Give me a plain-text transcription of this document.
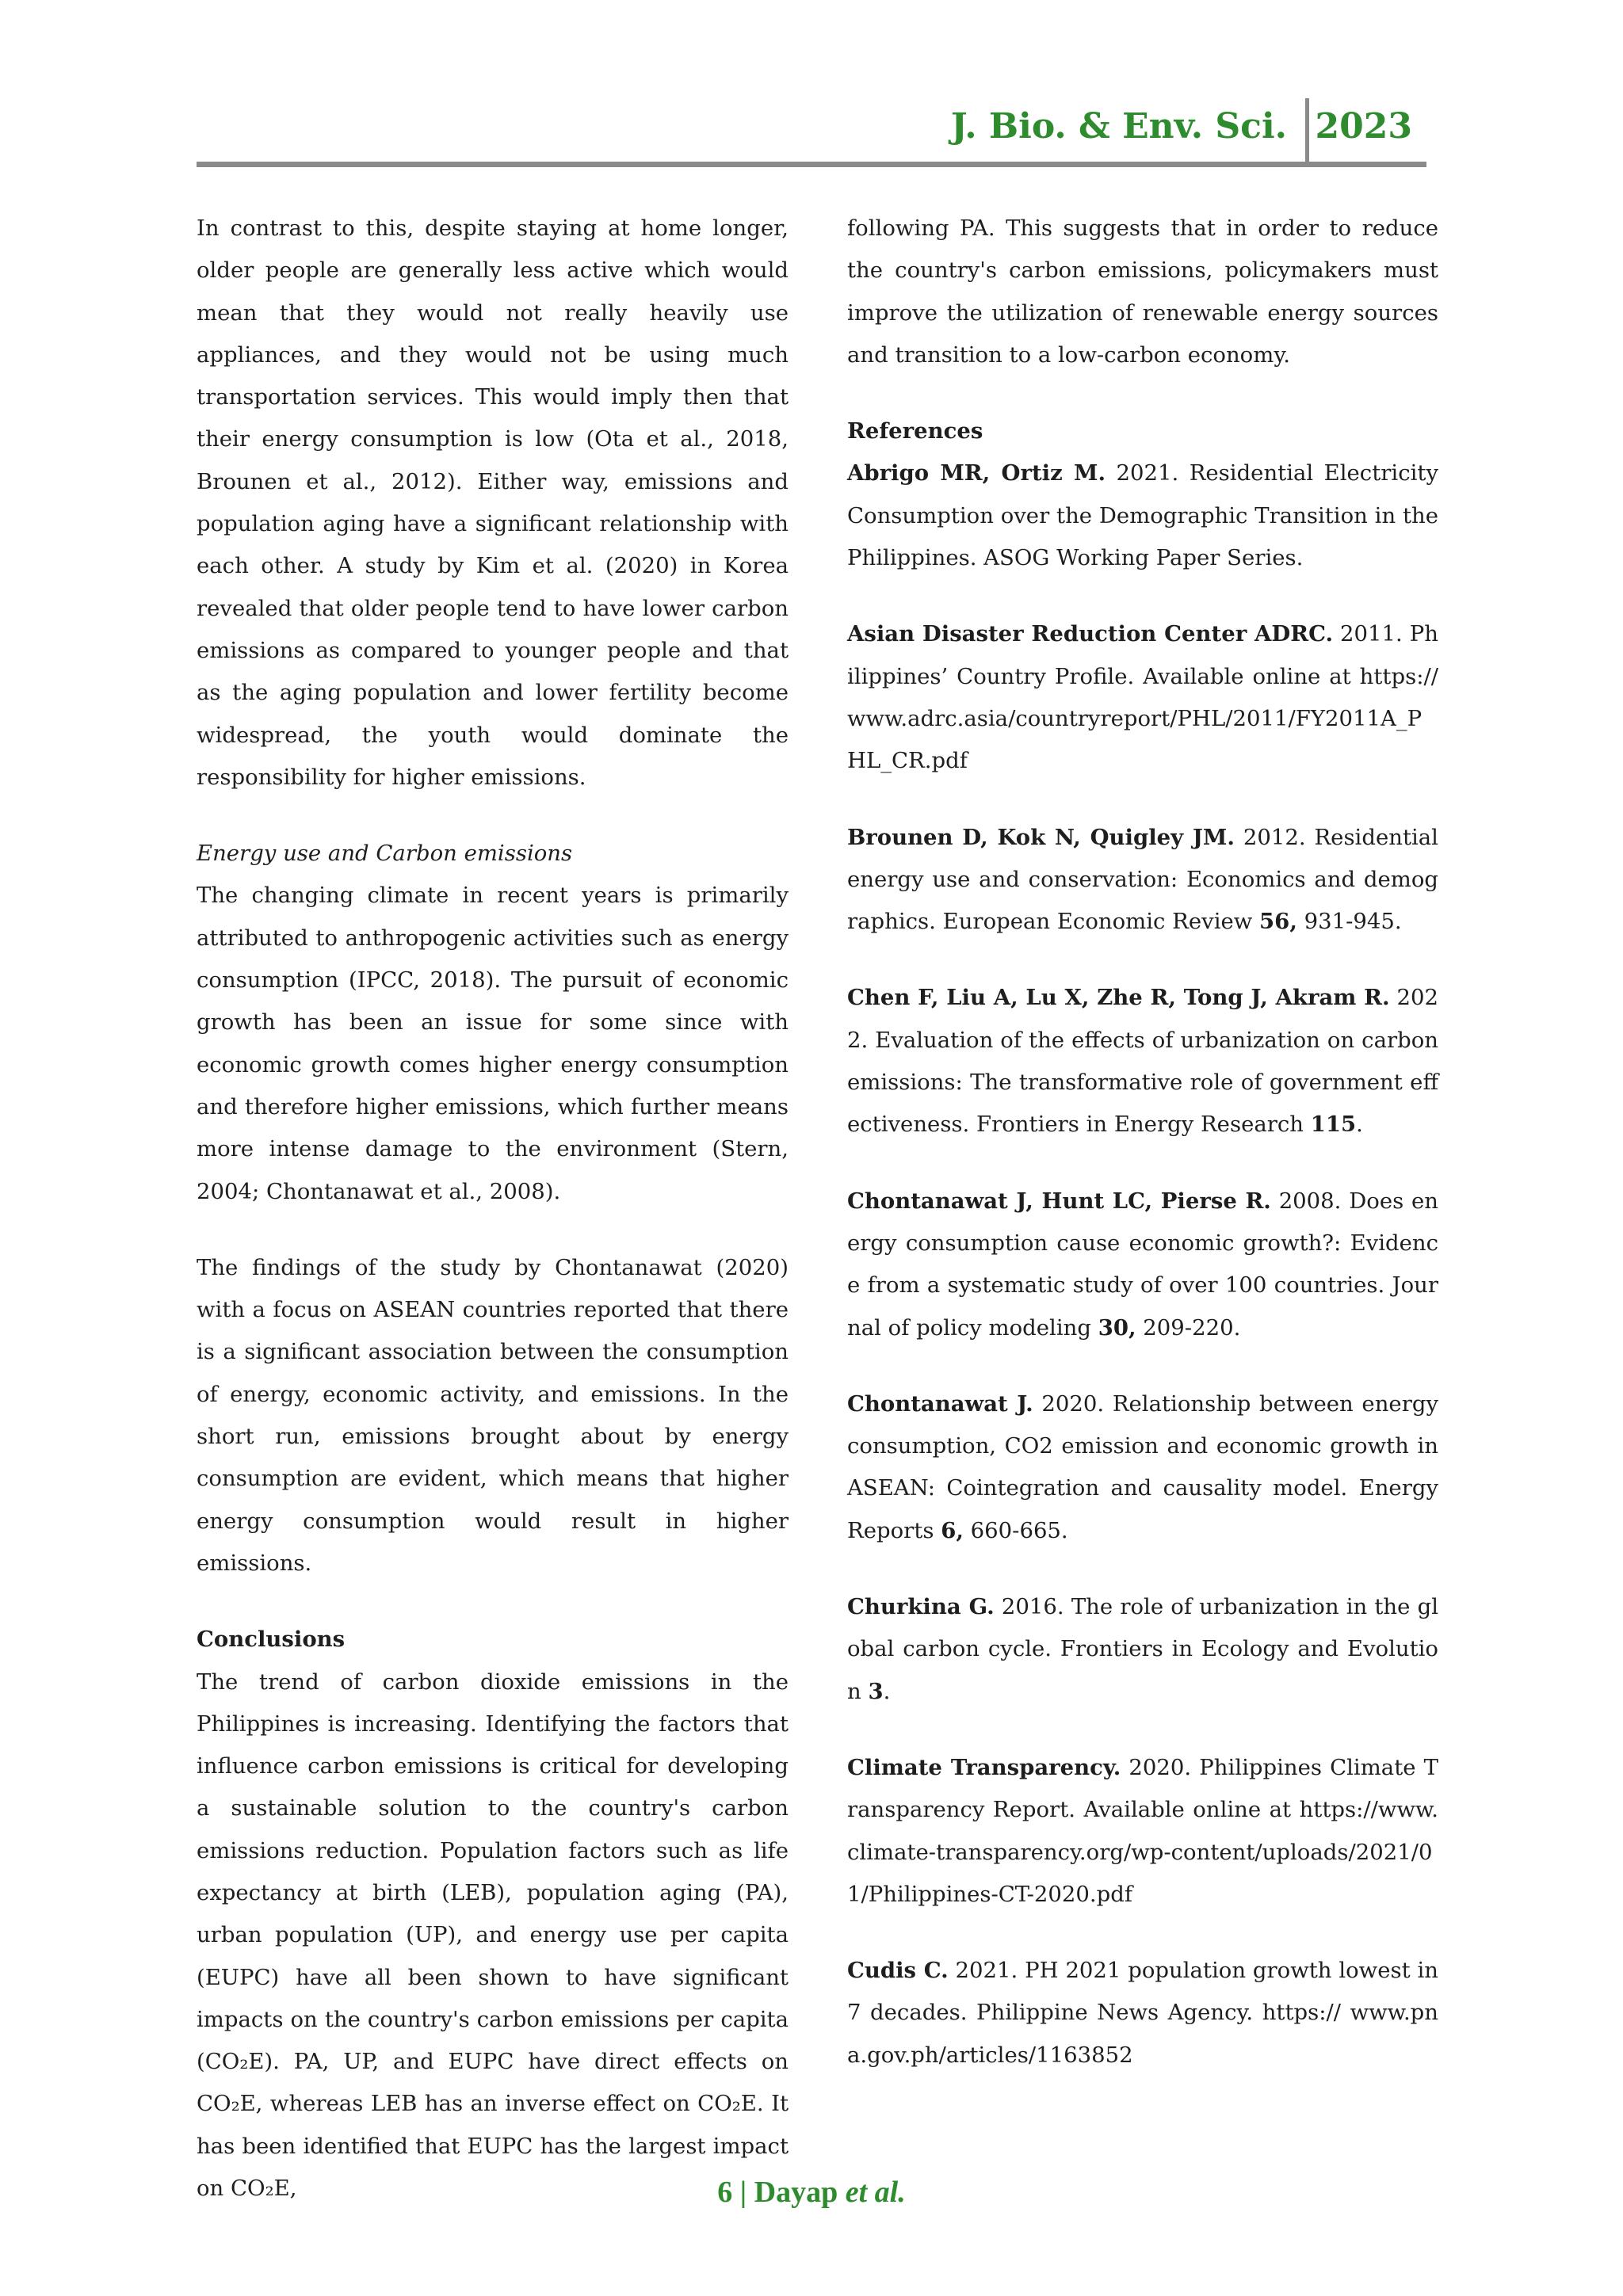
J. Bio. & Env. Sci. 2023

In contrast to this, despite staying at home longer, older people are generally less active which would mean that they would not really heavily use appliances, and they would not be using much transportation services. This would imply then that their energy consumption is low (Ota et al., 2018, Brounen et al., 2012). Either way, emissions and population aging have a significant relationship with each other. A study by Kim et al. (2020) in Korea revealed that older people tend to have lower carbon emissions as compared to younger people and that as the aging population and lower fertility become widespread, the youth would dominate the responsibility for higher emissions.

Energy use and Carbon emissions

The changing climate in recent years is primarily attributed to anthropogenic activities such as energy consumption (IPCC, 2018). The pursuit of economic growth has been an issue for some since with economic growth comes higher energy consumption and therefore higher emissions, which further means more intense damage to the environment (Stern, 2004; Chontanawat et al., 2008).

The findings of the study by Chontanawat (2020) with a focus on ASEAN countries reported that there is a significant association between the consumption of energy, economic activity, and emissions. In the short run, emissions brought about by energy consumption are evident, which means that higher energy consumption would result in higher emissions.

Conclusions

The trend of carbon dioxide emissions in the Philippines is increasing. Identifying the factors that influence carbon emissions is critical for developing a sustainable solution to the country's carbon emissions reduction. Population factors such as life expectancy at birth (LEB), population aging (PA), urban population (UP), and energy use per capita (EUPC) have all been shown to have significant impacts on the country's carbon emissions per capita (CO₂E). PA, UP, and EUPC have direct effects on CO₂E, whereas LEB has an inverse effect on CO₂E. It has been identified that EUPC has the largest impact on CO₂E,

following PA. This suggests that in order to reduce the country's carbon emissions, policymakers must improve the utilization of renewable energy sources and transition to a low-carbon economy.

References

Abrigo MR, Ortiz M. 2021. Residential Electricity Consumption over the Demographic Transition in the Philippines. ASOG Working Paper Series.

Asian Disaster Reduction Center ADRC. 2011. Philippines’ Country Profile. Available online at https://www.adrc.asia/countryreport/PHL/2011/FY2011A_PHL_CR.pdf

Brounen D, Kok N, Quigley JM. 2012. Residential energy use and conservation: Economics and demographics. European Economic Review 56, 931-945.

Chen F, Liu A, Lu X, Zhe R, Tong J, Akram R. 2022. Evaluation of the effects of urbanization on carbon emissions: The transformative role of government effectiveness. Frontiers in Energy Research 115.

Chontanawat J, Hunt LC, Pierse R. 2008. Does energy consumption cause economic growth?: Evidence from a systematic study of over 100 countries. Journal of policy modeling 30, 209-220.

Chontanawat J. 2020. Relationship between energy consumption, CO2 emission and economic growth in ASEAN: Cointegration and causality model. Energy Reports 6, 660-665.

Churkina G. 2016. The role of urbanization in the global carbon cycle. Frontiers in Ecology and Evolution 3.

Climate Transparency. 2020. Philippines Climate Transparency Report. Available online at https://www.climate-transparency.org/wp-content/uploads/2021/01/Philippines-CT-2020.pdf

Cudis C. 2021. PH 2021 population growth lowest in 7 decades. Philippine News Agency. https:// www.pna.gov.ph/articles/1163852

6 | Dayap et al.
